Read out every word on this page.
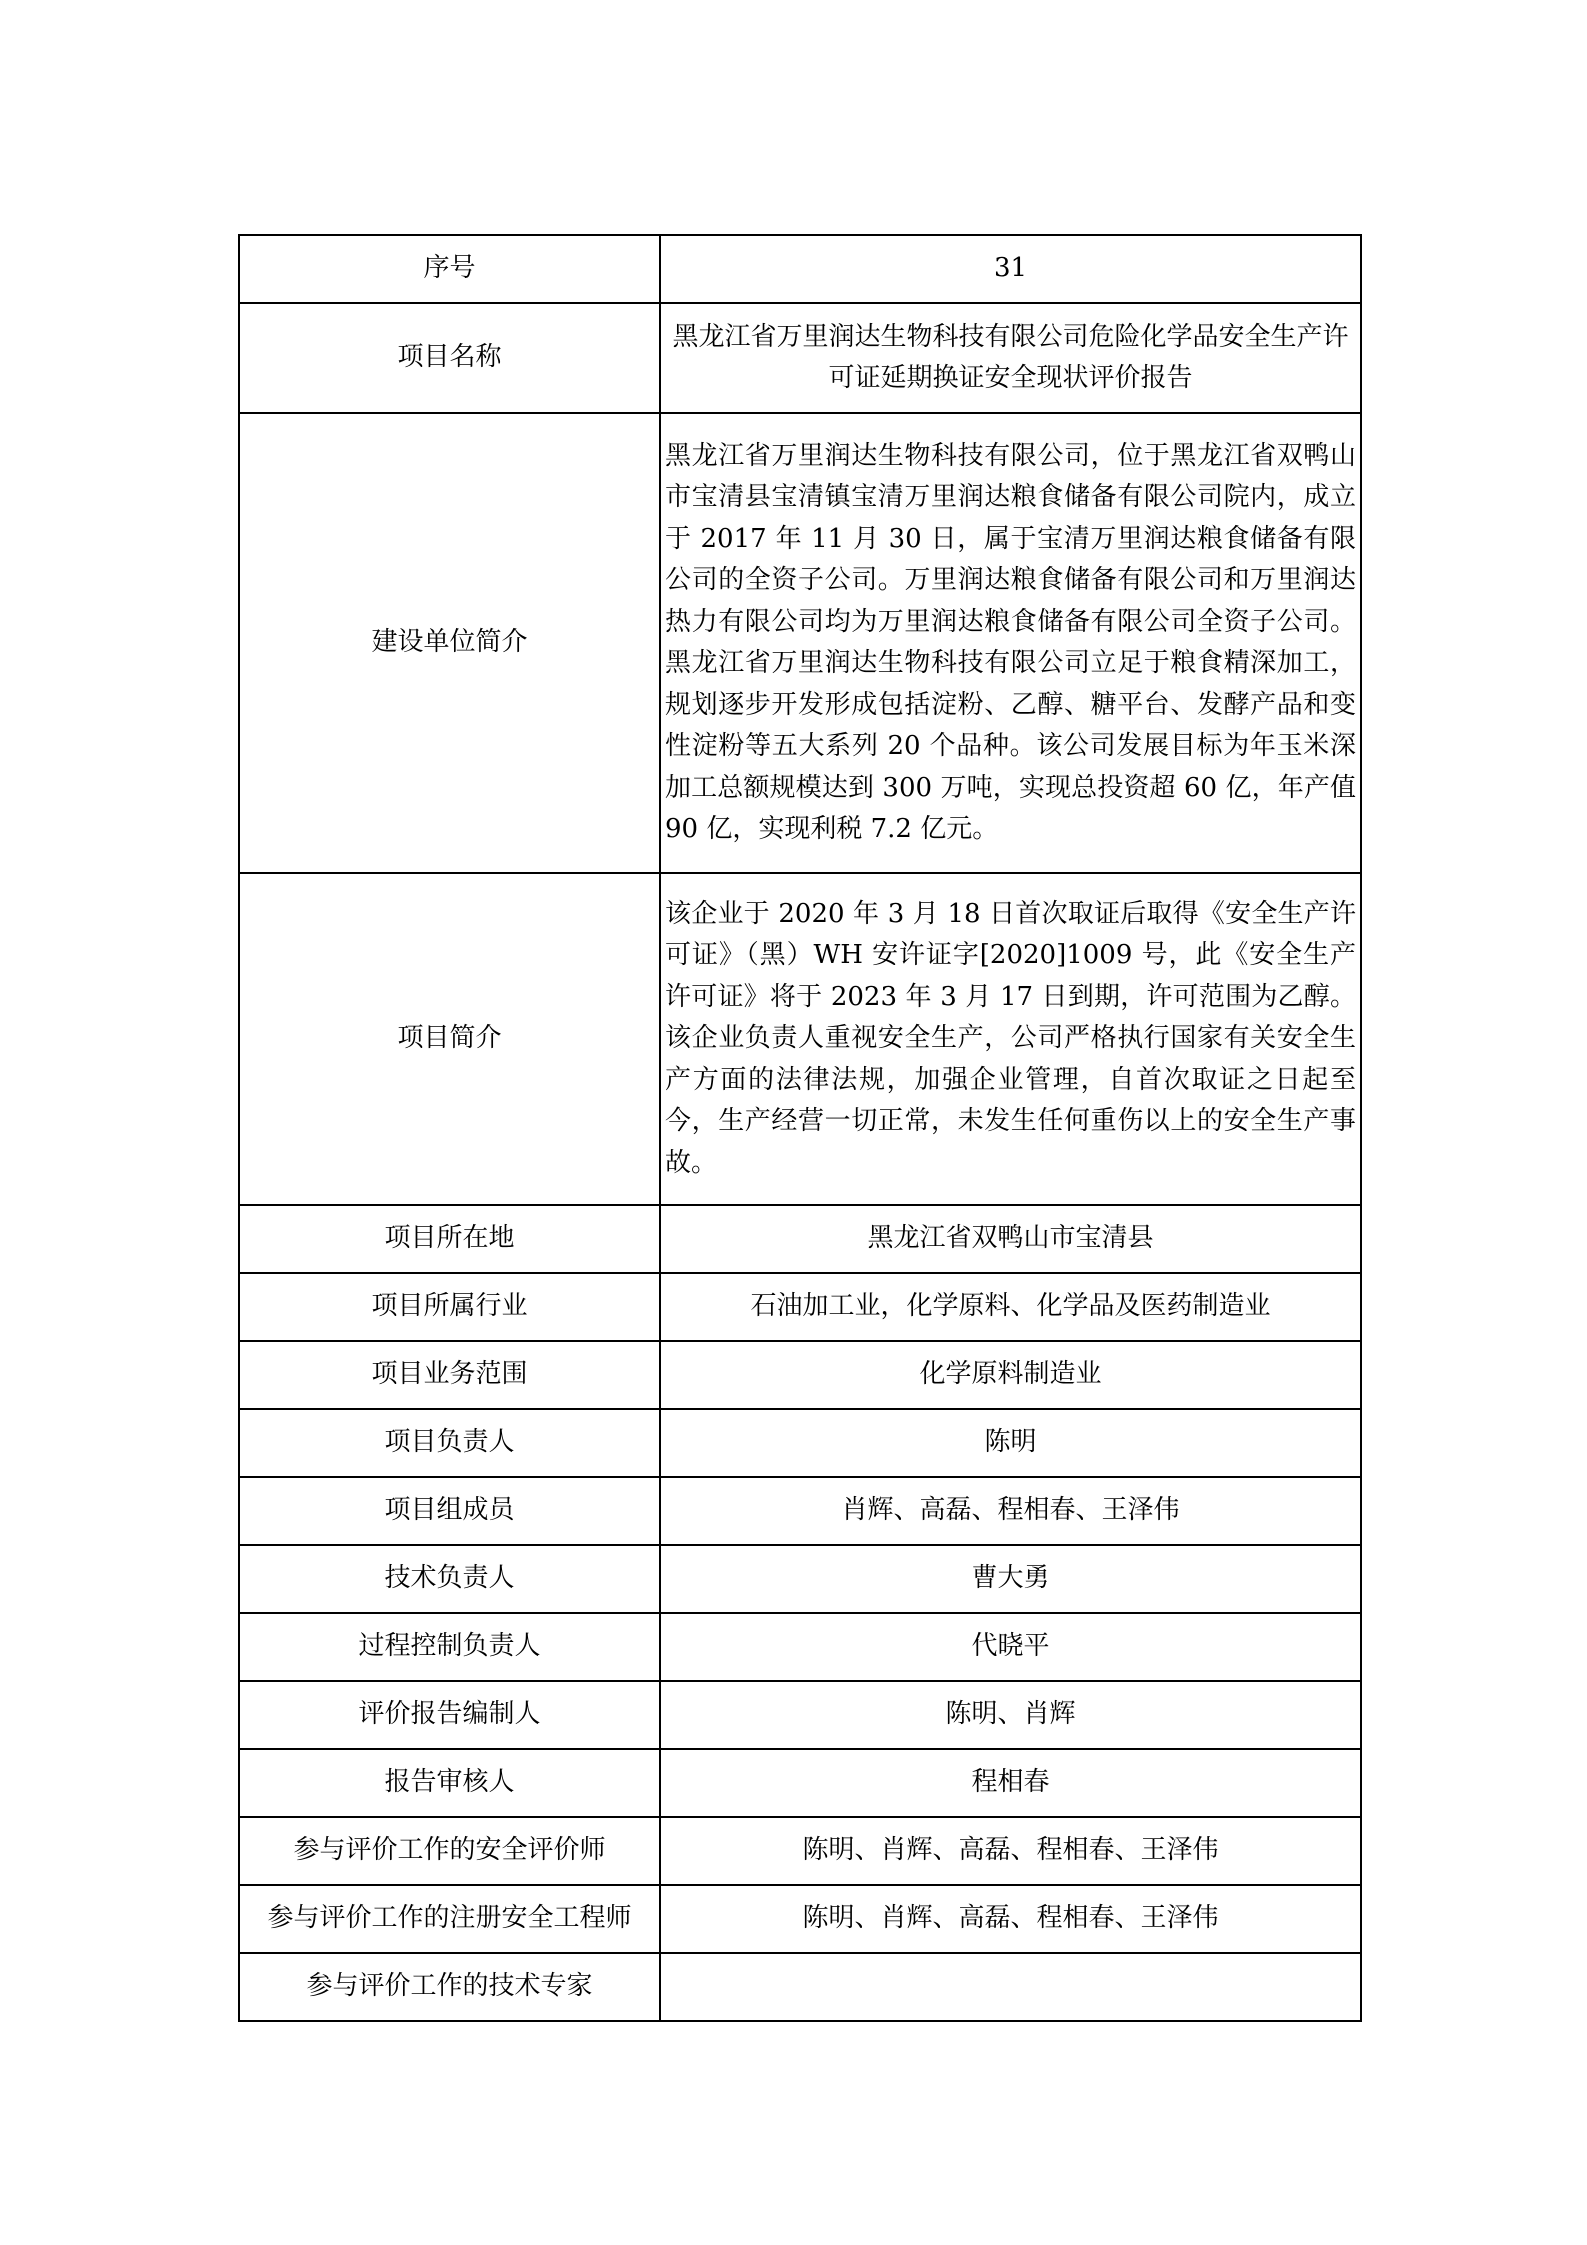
序号	31
项目名称	黑龙江省万里润达生物科技有限公司危险化学品安全生产许可证延期换证安全现状评价报告
建设单位简介	黑龙江省万里润达生物科技有限公司，位于黑龙江省双鸭山市宝清县宝清镇宝清万里润达粮食储备有限公司院内，成立于 2017 年 11 月 30 日，属于宝清万里润达粮食储备有限公司的全资子公司。万里润达粮食储备有限公司和万里润达热力有限公司均为万里润达粮食储备有限公司全资子公司。黑龙江省万里润达生物科技有限公司立足于粮食精深加工，规划逐步开发形成包括淀粉、乙醇、糖平台、发酵产品和变性淀粉等五大系列 20 个品种。该公司发展目标为年玉米深加工总额规模达到 300 万吨，实现总投资超 60 亿，年产值 90 亿，实现利税 7.2 亿元。
项目简介	该企业于 2020 年 3 月 18 日首次取证后取得《安全生产许可证》（黑）WH 安许证字[2020]1009 号，此《安全生产许可证》将于 2023 年 3 月 17 日到期，许可范围为乙醇。该企业负责人重视安全生产，公司严格执行国家有关安全生产方面的法律法规，加强企业管理，自首次取证之日起至今，生产经营一切正常，未发生任何重伤以上的安全生产事故。
项目所在地	黑龙江省双鸭山市宝清县
项目所属行业	石油加工业，化学原料、化学品及医药制造业
项目业务范围	化学原料制造业
项目负责人	陈明
项目组成员	肖辉、高磊、程相春、王泽伟
技术负责人	曹大勇
过程控制负责人	代晓平
评价报告编制人	陈明、肖辉
报告审核人	程相春
参与评价工作的安全评价师	陈明、肖辉、高磊、程相春、王泽伟
参与评价工作的注册安全工程师	陈明、肖辉、高磊、程相春、王泽伟
参与评价工作的技术专家	
